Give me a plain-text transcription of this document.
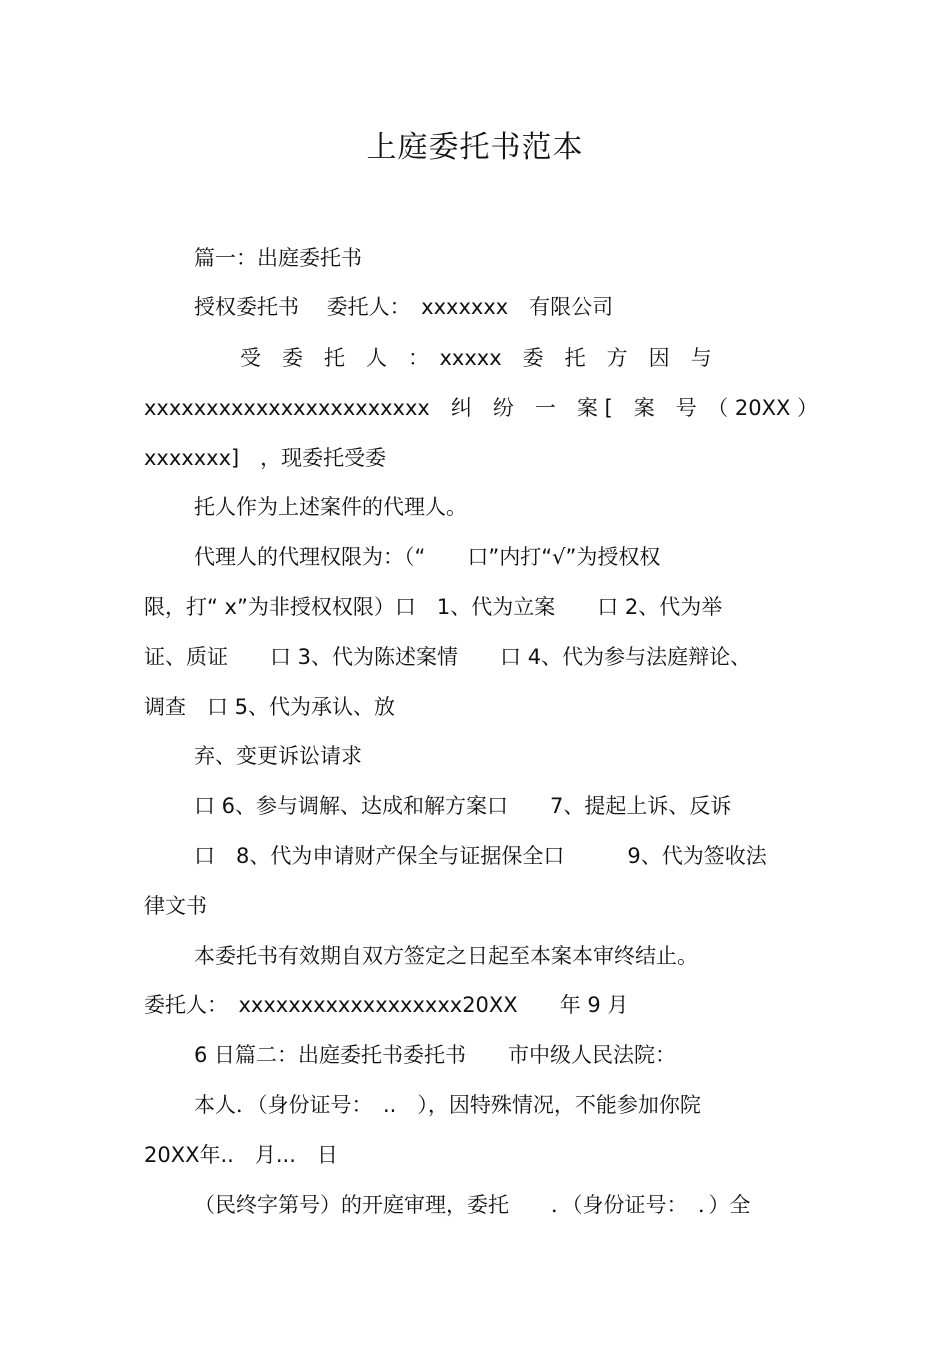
上庭委托书范本
篇一：出庭委托书
授权委托书　 委托人：　xxxxxxx　有限公司
受　委　托　人　：　xxxxx　委　托　方　因　与
xxxxxxxxxxxxxxxxxxxxxxx　纠　纷　一　案 [　案　号　（ 20XX ）
xxxxxxx]　，现委托受委
托人作为上述案件的代理人。
代理人的代理权限为：（“　　口”内打“√”为授权权
限，打“ x”为非授权权限）口　1、代为立案　　口 2、代为举
证、质证　　口 3、代为陈述案情　　口 4、代为参与法庭辩论、
调查　口 5、代为承认、放
弃、变更诉讼请求
口 6、参与调解、达成和解方案口　　7、提起上诉、反诉
口　8、代为申请财产保全与证据保全口　　　9、代为签收法
律文书
本委托书有效期自双方签定之日起至本案本审终结止。
委托人：　xxxxxxxxxxxxxxxxxx20XX　　年 9 月
6 日篇二：出庭委托书委托书　　市中级人民法院：
本人．（身份证号：　..　），因特殊情况，不能参加你院
20XX年..　月...　日
（民终字第号）的开庭审理，委托　　．（身份证号：　．）全
